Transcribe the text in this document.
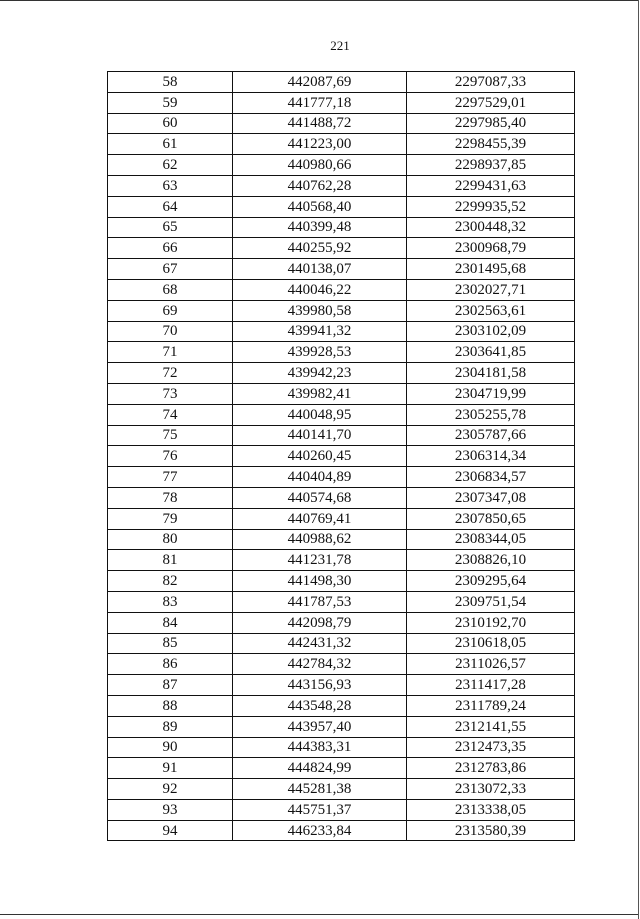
221
58	442087,69	2297087,33
59	441777,18	2297529,01
60	441488,72	2297985,40
61	441223,00	2298455,39
62	440980,66	2298937,85
63	440762,28	2299431,63
64	440568,40	2299935,52
65	440399,48	2300448,32
66	440255,92	2300968,79
67	440138,07	2301495,68
68	440046,22	2302027,71
69	439980,58	2302563,61
70	439941,32	2303102,09
71	439928,53	2303641,85
72	439942,23	2304181,58
73	439982,41	2304719,99
74	440048,95	2305255,78
75	440141,70	2305787,66
76	440260,45	2306314,34
77	440404,89	2306834,57
78	440574,68	2307347,08
79	440769,41	2307850,65
80	440988,62	2308344,05
81	441231,78	2308826,10
82	441498,30	2309295,64
83	441787,53	2309751,54
84	442098,79	2310192,70
85	442431,32	2310618,05
86	442784,32	2311026,57
87	443156,93	2311417,28
88	443548,28	2311789,24
89	443957,40	2312141,55
90	444383,31	2312473,35
91	444824,99	2312783,86
92	445281,38	2313072,33
93	445751,37	2313338,05
94	446233,84	2313580,39
